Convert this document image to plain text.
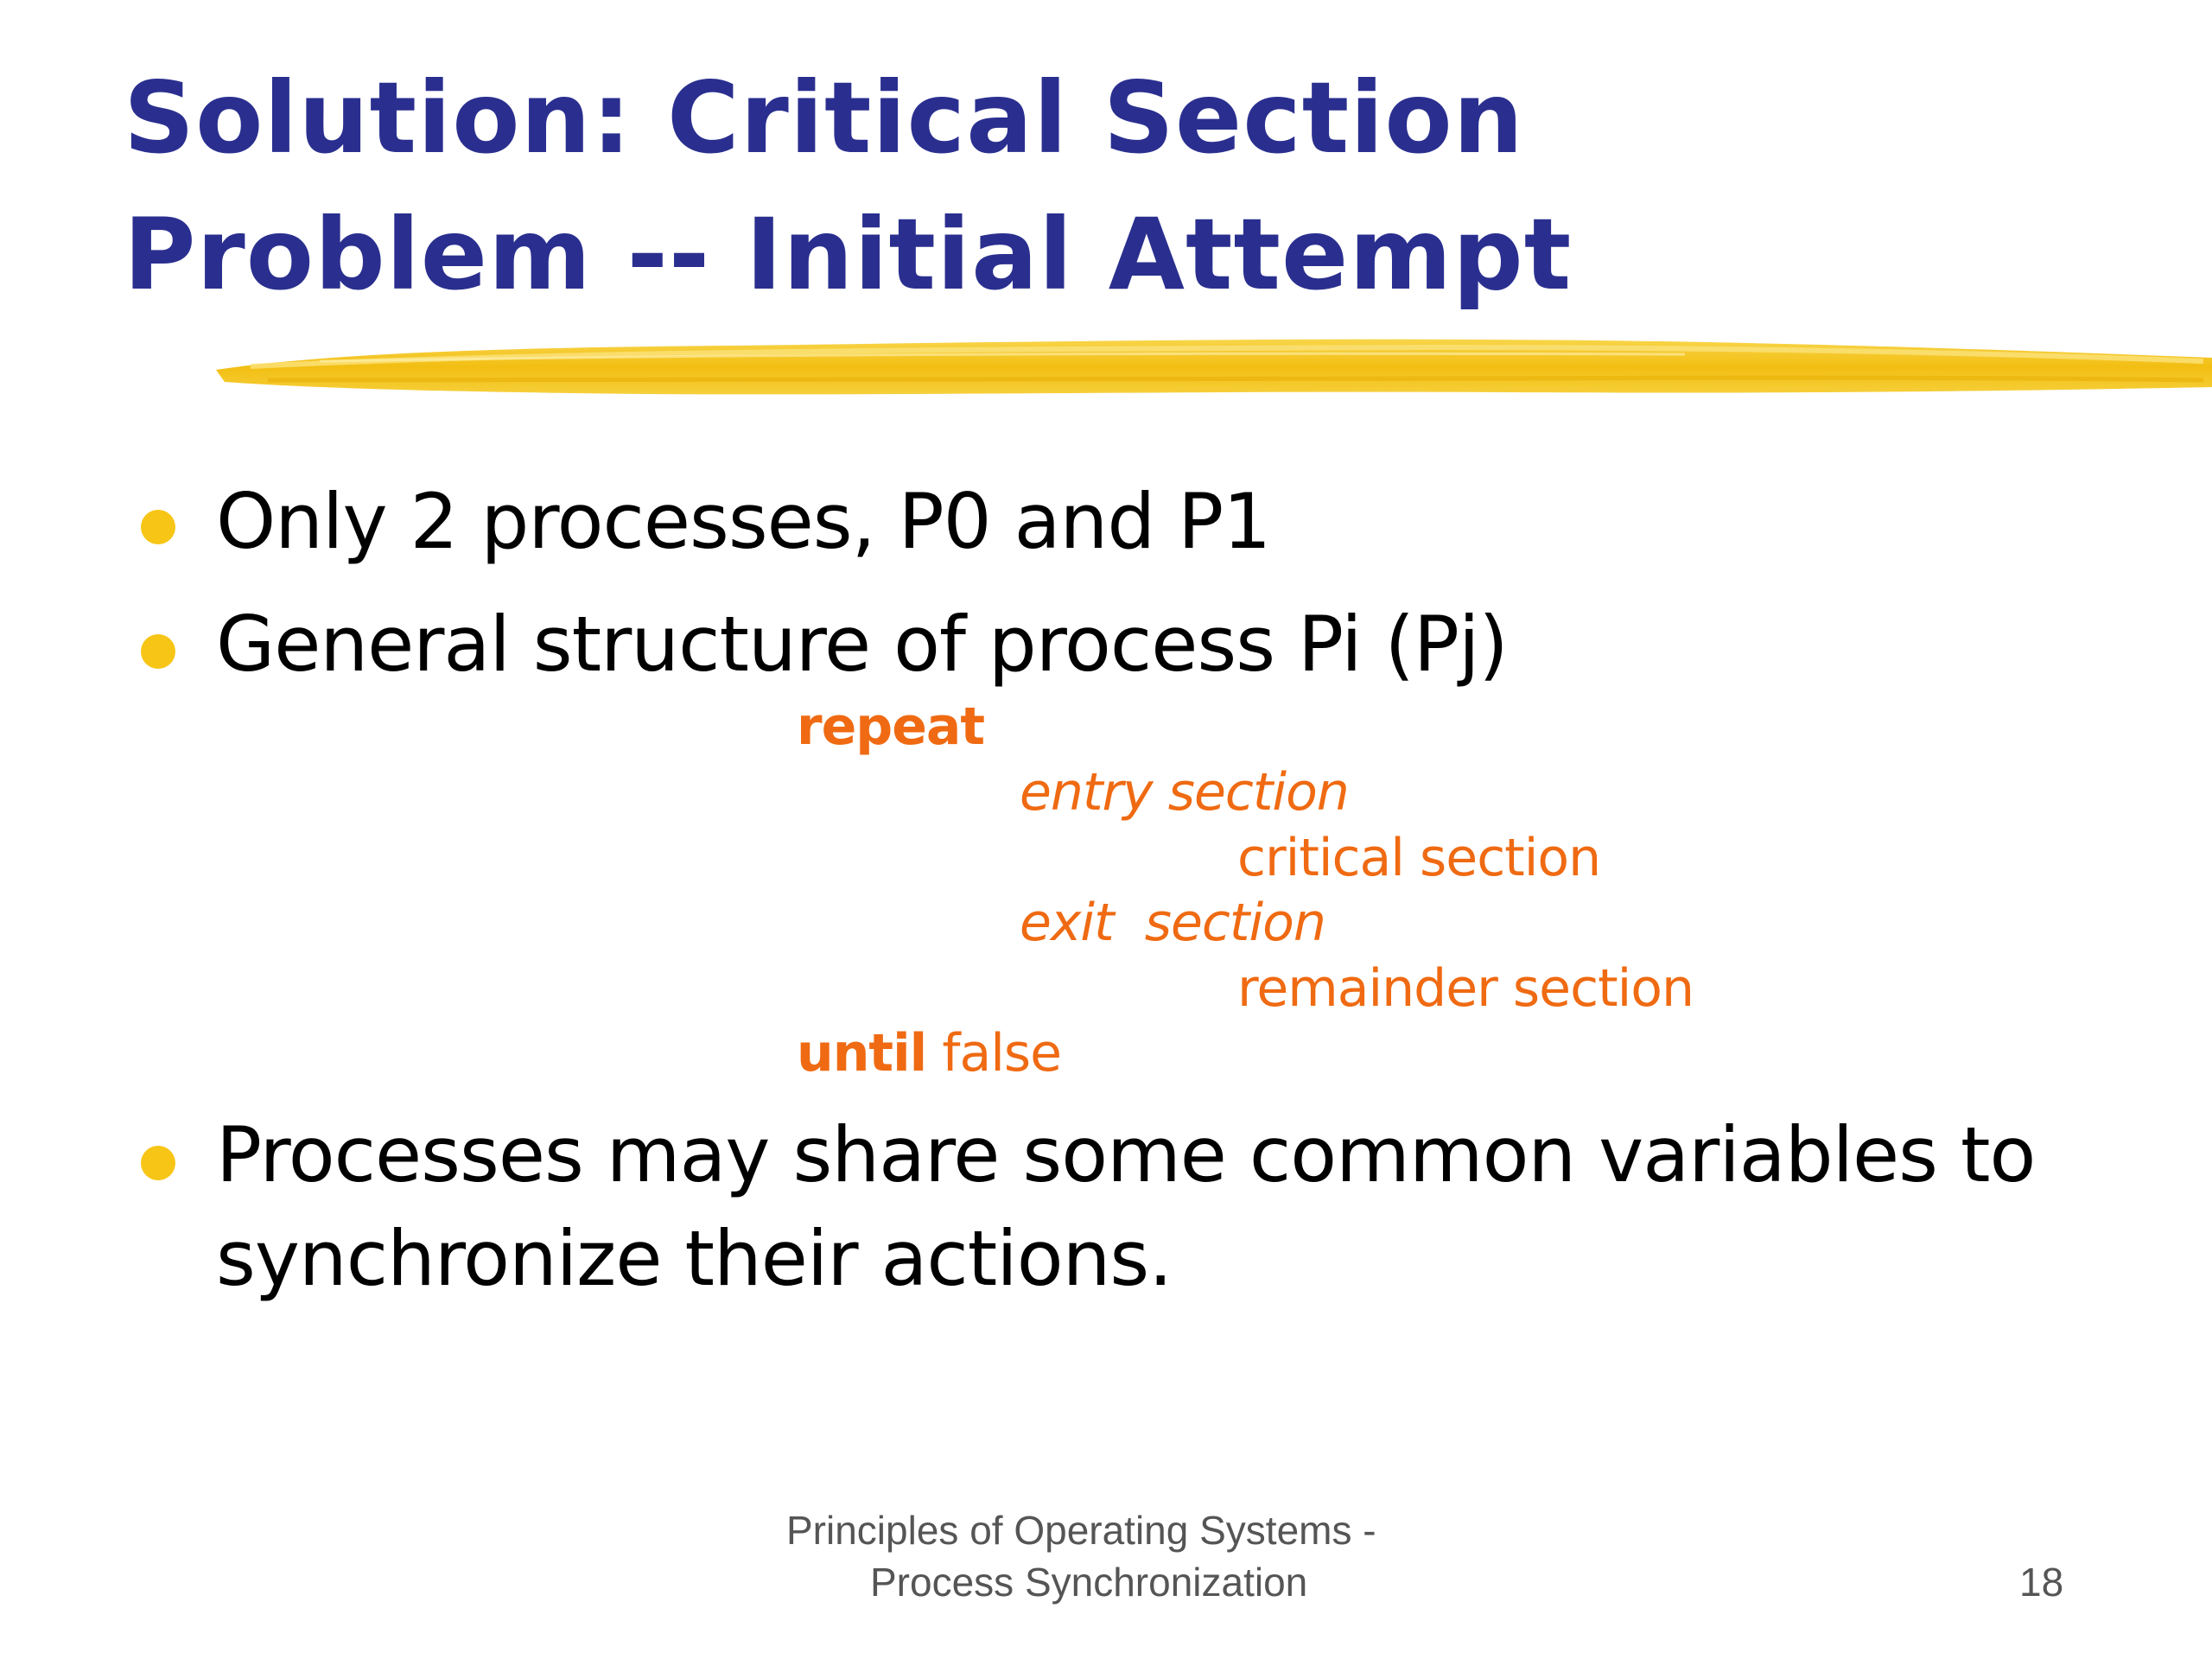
Solution: Critical Section
Problem -- Initial Attempt
Only 2 processes, P0 and P1
General structure of process Pi (Pj)
repeat
entry section
critical section
exit  section
remainder section
until false
Processes may share some common variables to
synchronize their actions.
Principles of Operating Systems -
Process Synchronization	18
